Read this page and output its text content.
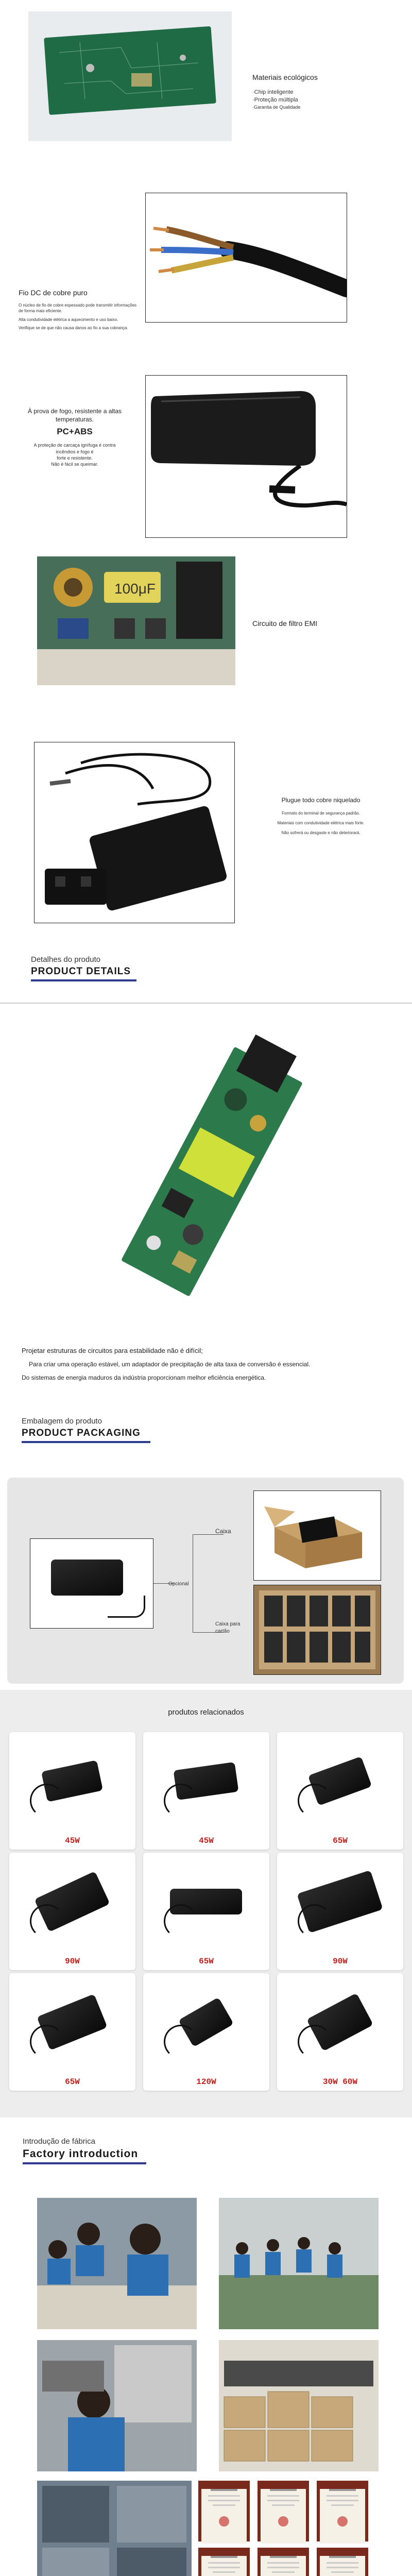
Materiais ecológicos
·Chip inteligente
·Proteção múltipla
·Garantia de Qualidade
Fio DC de cobre puro
O núcleo de fio de cobre espessado pode transmitir informações de forma mais eficiente.
Alta condutividade elétrica a aquecimento e uso baixo.
Verifique se de que não causa danos ao fio a sua cobrança.
À prova de fogo, resistente a altas temperaturas.
PC+ABS
A proteção de carcaça ignífuga é contra incêndios e fogo é
forte e resistente.
Não é fácil se queimar.
100μF
Circuito de filtro EMI
Plugue todo cobre niquelado
Formato do terminal de segurança padrão.
Materiais com condutividade elétrica mais forte.
Não sofrerá ou desgaste e não deteriorará.
Detalhes do produto
PRODUCT DETAILS
Projetar estruturas de circuitos para estabilidade não é difícil;
Para criar uma operação estável, um adaptador de precipitação de alta taxa de conversão é essencial.
Do sistemas de energia maduros da indústria proporcionam melhor eficiência energética.
Embalagem do produto
PRODUCT PACKAGING
Opcional
Caixa
Caixa para cartão
produtos relacionados
45W	45W	65W
90W	65W	90W
65W	120W	30W 60W
Introdução de fábrica
Factory introduction
